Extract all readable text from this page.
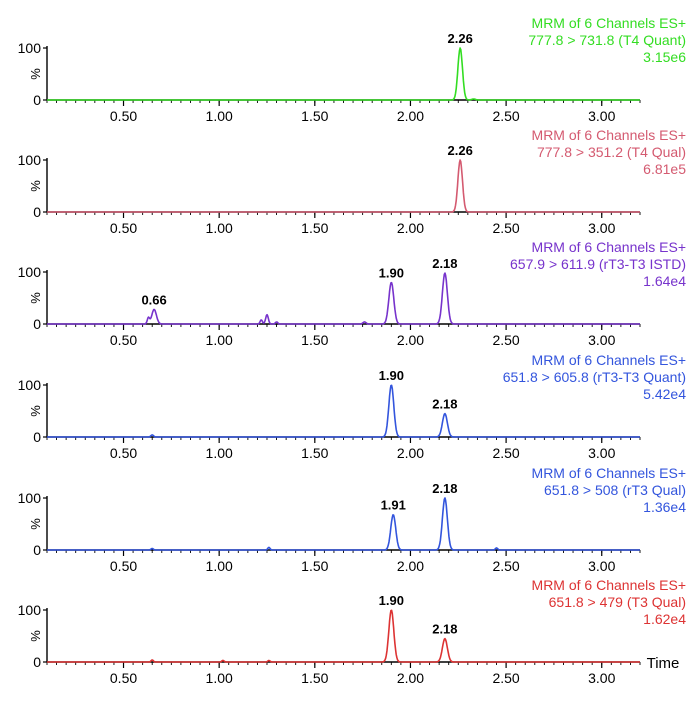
0
100
%
0.50	1.00	1.50	2.00	2.50	3.00
2.26
MRM of 6 Channels ES+
777.8 > 731.8 (T4 Quant)
3.15e6
0
100
%
0.50	1.00	1.50	2.00	2.50	3.00
2.26
MRM of 6 Channels ES+
777.8 > 351.2 (T4 Qual)
6.81e5
0
100
%
0.50	1.00	1.50	2.00	2.50	3.00
0.66
1.90
2.18
MRM of 6 Channels ES+
657.9 > 611.9 (rT3-T3 ISTD)
1.64e4
0
100
%
0.50	1.00	1.50	2.00	2.50	3.00
1.90
2.18
MRM of 6 Channels ES+
651.8 > 605.8 (rT3-T3 Quant)
5.42e4
0
100
%
0.50	1.00	1.50	2.00	2.50	3.00
1.91
2.18
MRM of 6 Channels ES+
651.8 > 508 (rT3 Qual)
1.36e4
0
100
%
0.50	1.00	1.50	2.00	2.50	3.00
1.90
2.18
MRM of 6 Channels ES+
651.8 > 479 (T3 Qual)
1.62e4
Time
